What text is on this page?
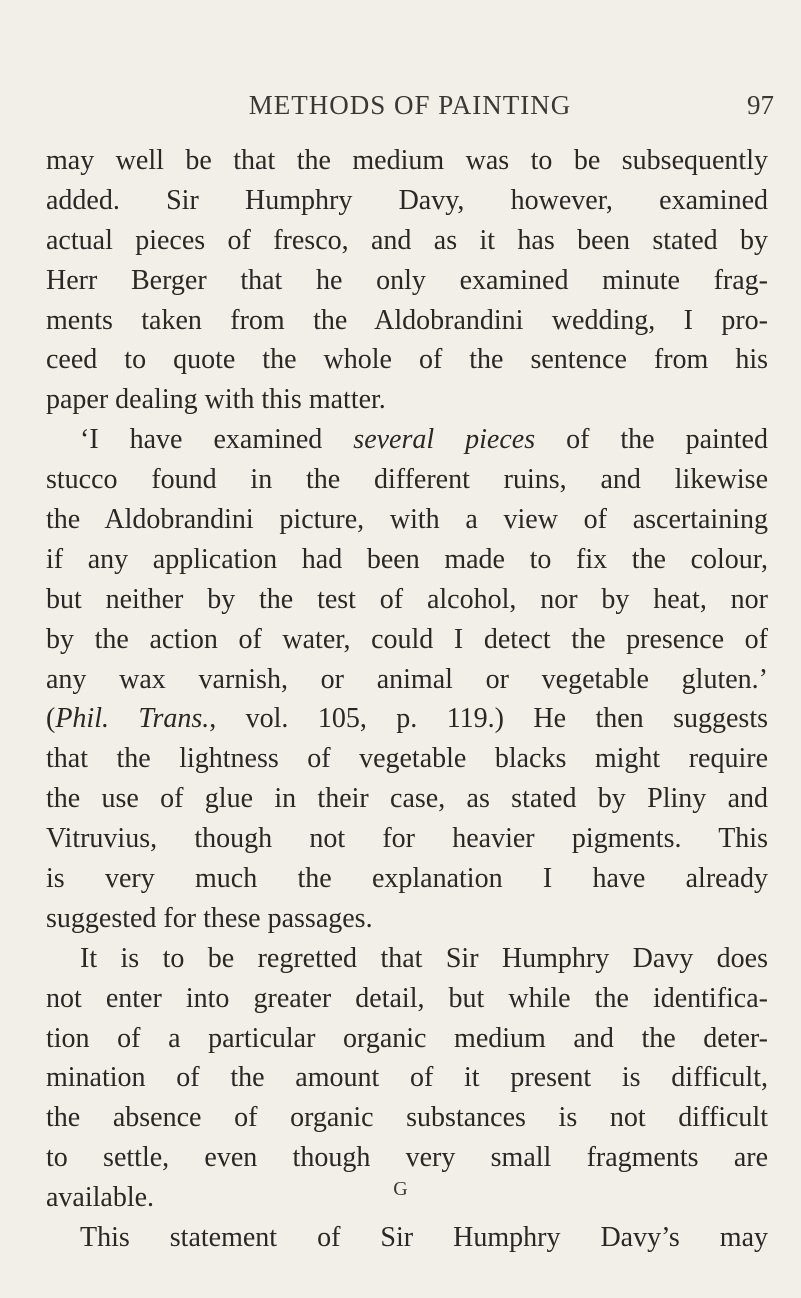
METHODS OF PAINTING	97
may well be that the medium was to be subsequently
added. Sir Humphry Davy, however, examined
actual pieces of fresco, and as it has been stated by
Herr Berger that he only examined minute frag-
ments taken from the Aldobrandini wedding, I pro-
ceed to quote the whole of the sentence from his
paper dealing with this matter.
‘I have examined several pieces of the painted
stucco found in the different ruins, and likewise
the Aldobrandini picture, with a view of ascertaining
if any application had been made to fix the colour,
but neither by the test of alcohol, nor by heat, nor
by the action of water, could I detect the presence of
any wax varnish, or animal or vegetable gluten.’
(Phil. Trans., vol. 105, p. 119.) He then suggests
that the lightness of vegetable blacks might require
the use of glue in their case, as stated by Pliny and
Vitruvius, though not for heavier pigments. This
is very much the explanation I have already
suggested for these passages.
It is to be regretted that Sir Humphry Davy does
not enter into greater detail, but while the identifica-
tion of a particular organic medium and the deter-
mination of the amount of it present is difficult,
the absence of organic substances is not difficult
to settle, even though very small fragments are
available.
This statement of Sir Humphry Davy’s may
G
